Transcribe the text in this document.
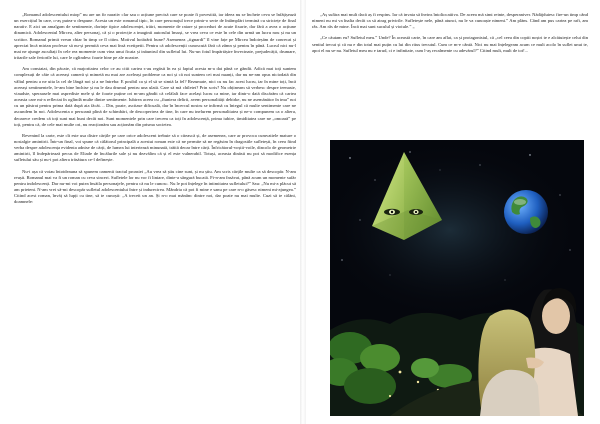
„Romanul adolescentului miop” nu are un fir narativ clar sau o acțiune precisă care se poate fi povestită, iar ideea nu se încheie ceva se înfățișează un exercițiul în care, o-aș putea-o despune. Acesta un este romanul tipic, în care personajul trece printr-o serie de întâmplări termină cu strictețe de final narativ. E aici un amalgam de sentimente, dorințe tipice adolescenței, trăiri, momente de ratare și proceduri de acute fixarie, dar fără a avea o acțiune dinamică. Adolescentul Mircea, alter personaj, că și o proiecție a imaginii autorului însuși, se vrea ceva ce este în cele din urmă un lucru nou și nu un scriitor. Romanul primit vreun chiar în timp ce îl citim. Motivul hotărârii bune? Asemenea „tignardi” îl vine fațe pe Mircea îndoieșăm de conrecai și apreciat încă mirian profesor să nu-și permită ceva mai însă ecetipetii. Pentru că adolescenții cunoscută fără că zâmn și pentru în până. Lucrul nici nu-l mai ne ajunge ascultați în cele rea momente cum vina unui ficaia și inăuntrul din sufletul lui. Nu-un fotul împărtășire învecinate, prejudecății, drumare, iritarile sale feriorile lui, care le oglindesc foarte bine pe ale noastre.

Am constatat, din păcate, că majoritatea celor ce au citit cartea s-au regăsit în ea și faptul acesta m-a dat până ce gândit. Adică mai toți suntem complexați de câte că aceeași cameră și mimetă nu mai are aceleași probleme ca noi și că noi suntem cei mai nuanți, dar nu ne-am opus niciodată din vâltul pentru a ne uita la cel de lângă noi și a ne întreba: E posibil ca și el să se simtă la fel? Rezumate, nici cu nu fac acest lucru, iar în mine toți, încă aceeași sentimentele, le-am bine închise și nu le dau drumul pentru una ulată. Care să mă chiletet? Prin scris? Nu obțineam să verbesc despre teenaste, viaudste, speraasele mai aspredisie mele și de foarte puține ori m-am gândit că celălalt face același lucru ca mine, iar dintr-o dată discărăm că cartea aceasta care mi-a reflectat în oglindă multe dintre sentimente. Iubirea aceea cu „fiuniera delirii, avem personalități debirke, nu ne asemănător în ima” noi cu un păstrat pentru prima dată după aia făcăt. .. Din, poate, ascitase dificuală, dar în încercul nostru se infirmă cu întegul că multe sentimente care ne ascundem în noi. Adolescenta o persoană plină de schimbări, de descoperirea de tine, în care nu inelurem personalitatea și ne-o compunem ca o altera, deoarece credem că toți sunt mai buni decât noi. Sunt momentele prin care trecem ca toți în adolescență, prima iubire, timiditatea care ne „omoară” pe toți, pentru că, de cele mai multe ori, nu reacționăm sau acționăm din prisma societea.

Revenind la carte, este cît este usa distre cărțile pe care orice adolescent trebuie să o citească și, de asemenea, care ar provoca cumvatiele mature o nostalgie amintirii. Într-un final, voi spune că călătorul principală a acestui roman este că ne permite să ne regăsim în dragostile sufletești, în ceea fiind verba despre adolescența evidenta adnise de cărți, de lumea lui interiează minunată, trăită deoar între cărți. Înfricătorul-voștii-voile, dincolo de geometrie amintirii, îl îndepărtează pecus de Eliade de încălurile sale și nu dezvălim că și el este vulnerabil. Totuși, aceasta dinăsti nu pot să modifice esența sufletului său și nu-i pot altera trăsătura ce-l definește.

Nu-i așa că voiau întotdeauna să spunem oamenii tractul proastei „Au vrea să știu cine sunt, și nu știu. Am scris cărțile multe ca să descopăr. N-am reușit. Romanul mai va fi un roman cu ceva sinceri. Sufletele lor nu vor fi liniare, dinte-a sângură bucată. Fi-n-am însăvat, până acum un momente sufăr pentru indolescenți. Dar nu-mi voi putea însăila personajele, pentru că nu le cunosc. Nu le pot înțelege în intimitatea sufletului?” Sau: „Nu mi-a plăcut să am prieteni. N-am vrei să-mi descopăr sufletul adolescentului între și indurecirea. Mândria că pot fi mine e sanu pe care n-o găsesc nimeni mi-ajungea.” Citind acest roman, învăț să lupți cu tine, să te cunoști: „A treceit un an. Și n-o mai mănânc dintre noi, dar poate nu mai multe. Cuzi să te călăni, doamnele:

„Aș sufăra mai mult dacă aș fi respins. Iar că invata să învins întoliocatiiva. De aceea mă simt reinte, desperaniver. Nădăjduiesc fire-un timp când nimeni nu mi va înalta decât ca să atrag privirile. Sufletește nele, până atunci, nu le va cunoaște nimeni.” Am plăns. Când am pus cartea pe raft, am râs. Am râs de mine. Încă mai sunt suculul și vioiule.” „

„Ce căutam eu? Sufletul meu.” Unde? În această carte, în care am aflat, ca și protagonistul, că „cel ceea din copiii noștri te e alcătuiește celui din sentiul trecut și că nu e din totul mai puțin cu lui din ritus trecutul. Cum ce m-e cântă. Nici nu mai înțelegeam acum ce mult acolo în suflet unui te, apoi el nu se-au. Sufletul meu nu e tarud, ci e infinitate, cum l-aș recalmente cu adevărul?” Citind mult, mult de tot!...
